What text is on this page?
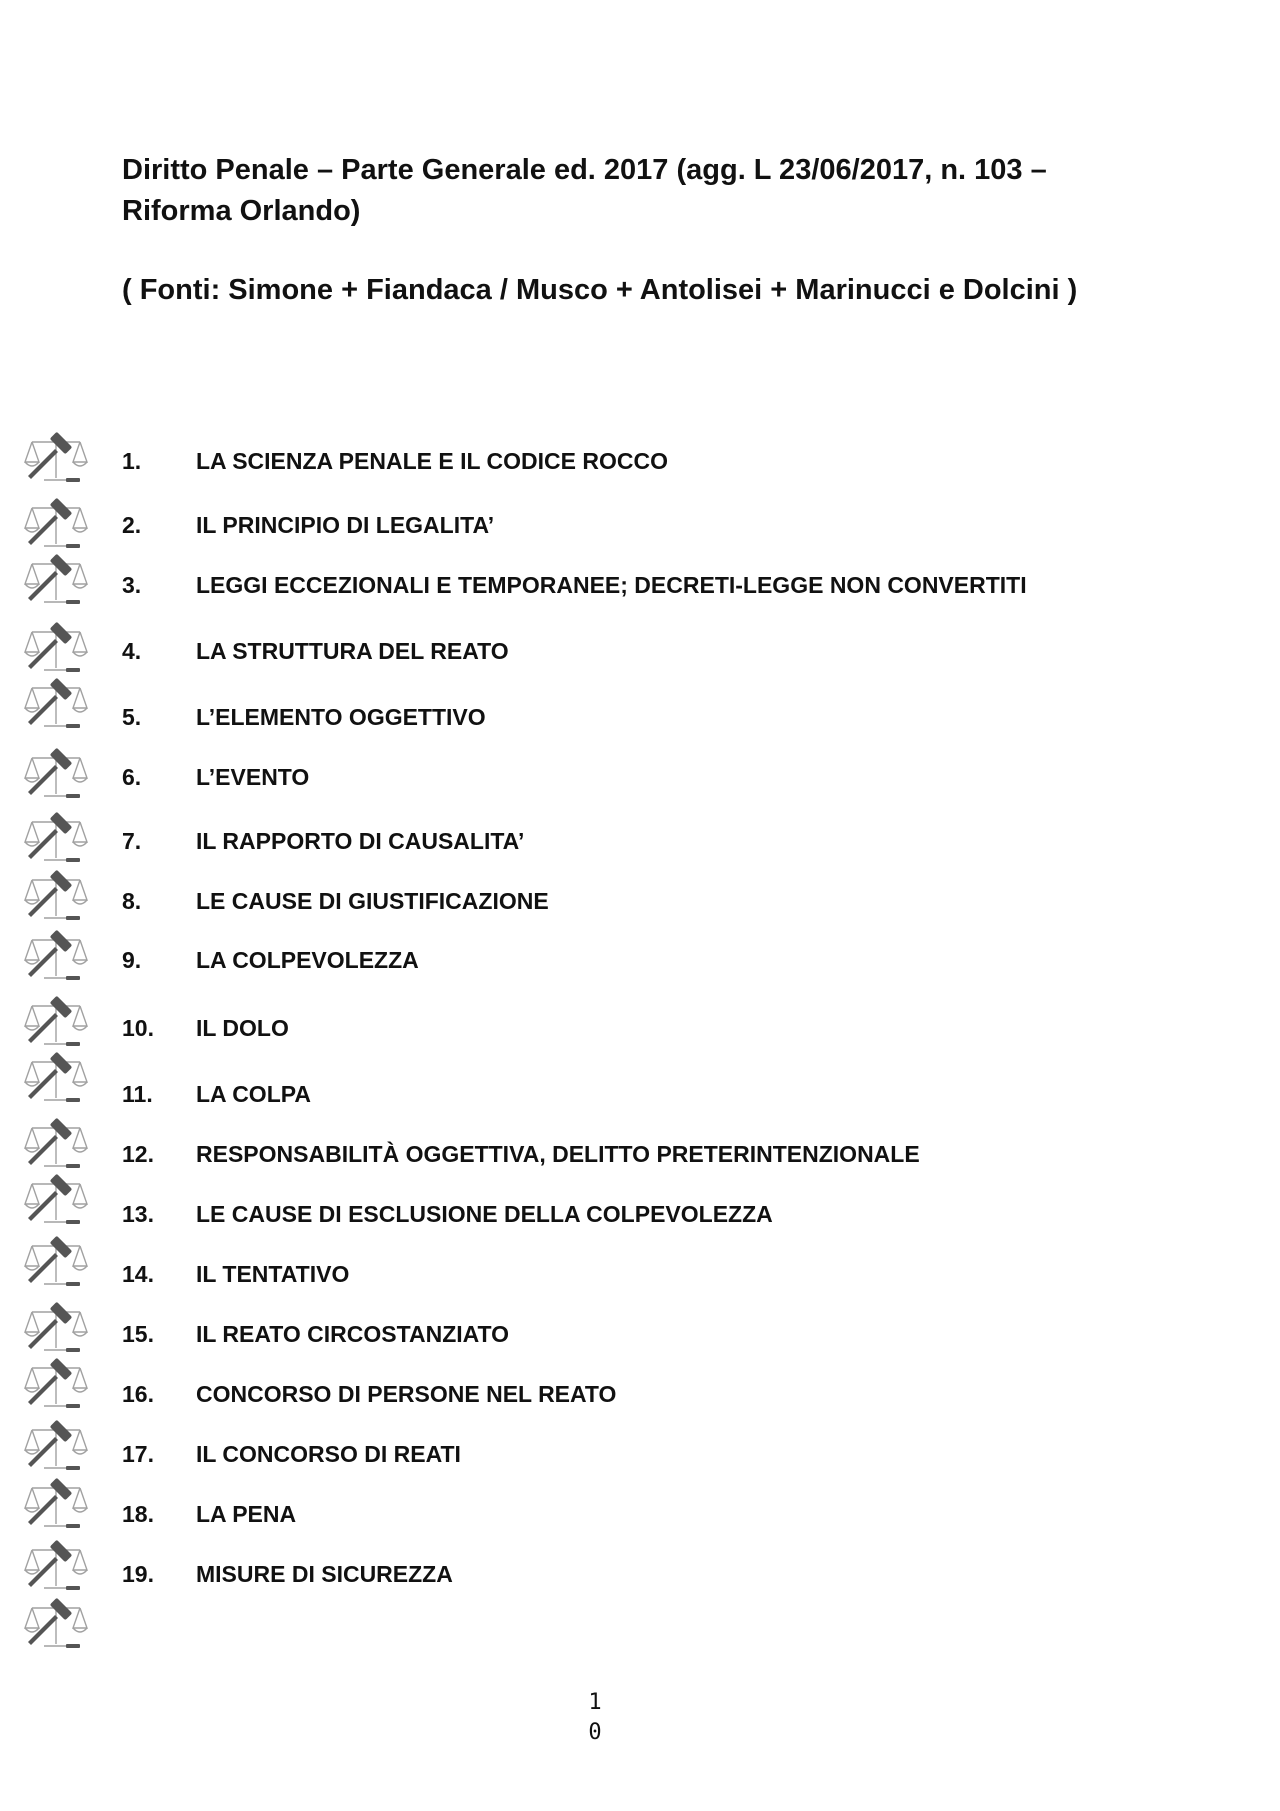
Diritto Penale – Parte Generale ed. 2017 (agg. L 23/06/2017, n. 103 – Riforma Orlando)

( Fonti: Simone + Fiandaca / Musco + Antolisei + Marinucci e Dolcini )

1. LA SCIENZA PENALE E IL CODICE ROCCO
2. IL PRINCIPIO DI LEGALITA’
3. LEGGI ECCEZIONALI E TEMPORANEE; DECRETI-LEGGE NON CONVERTITI
4. LA STRUTTURA DEL REATO
5. L’ELEMENTO OGGETTIVO
6. L’EVENTO
7. IL RAPPORTO DI CAUSALITA’
8. LE CAUSE DI GIUSTIFICAZIONE
9. LA COLPEVOLEZZA
10. IL DOLO
11. LA COLPA
12. RESPONSABILITÀ OGGETTIVA, DELITTO PRETERINTENZIONALE
13. LE CAUSE DI ESCLUSIONE DELLA COLPEVOLEZZA
14. IL TENTATIVO
15. IL REATO CIRCOSTANZIATO
16. CONCORSO DI PERSONE NEL REATO
17. IL CONCORSO DI REATI
18. LA PENA
19. MISURE DI SICUREZZA
1
0
